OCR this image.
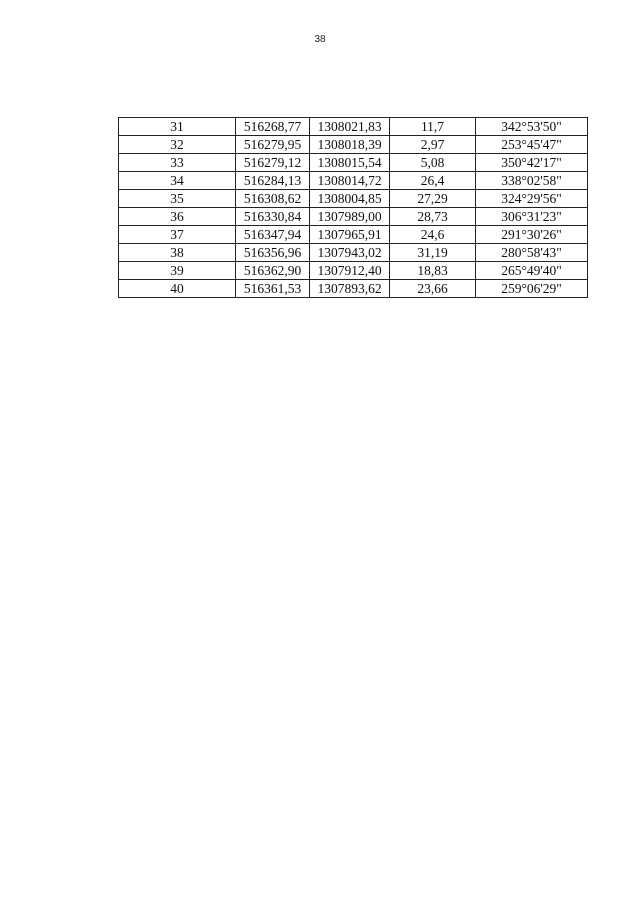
38
31	516268,77	1308021,83	11,7	342°53'50"
32	516279,95	1308018,39	2,97	253°45'47"
33	516279,12	1308015,54	5,08	350°42'17"
34	516284,13	1308014,72	26,4	338°02'58"
35	516308,62	1308004,85	27,29	324°29'56"
36	516330,84	1307989,00	28,73	306°31'23"
37	516347,94	1307965,91	24,6	291°30'26"
38	516356,96	1307943,02	31,19	280°58'43"
39	516362,90	1307912,40	18,83	265°49'40"
40	516361,53	1307893,62	23,66	259°06'29"
